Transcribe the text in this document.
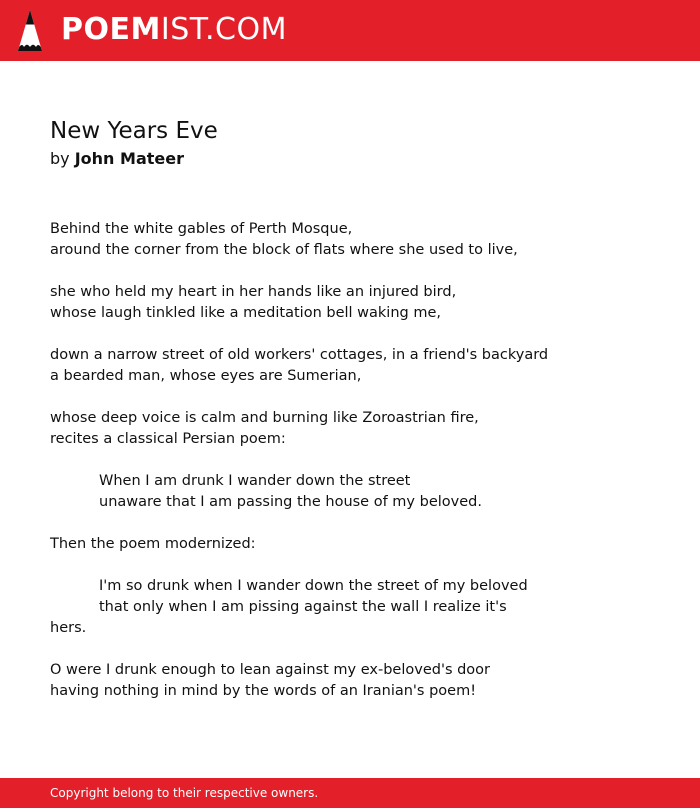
POEMIST.COM
New Years Eve
by John Mateer
Behind the white gables of Perth Mosque,
around the corner from the block of flats where she used to live,
she who held my heart in her hands like an injured bird,
whose laugh tinkled like a meditation bell waking me,
down a narrow street of old workers' cottages, in a friend's backyard
a bearded man, whose eyes are Sumerian,
whose deep voice is calm and burning like Zoroastrian fire,
recites a classical Persian poem:
When I am drunk I wander down the street
unaware that I am passing the house of my beloved.
Then the poem modernized:
I'm so drunk when I wander down the street of my beloved
that only when I am pissing against the wall I realize it's
hers.
O were I drunk enough to lean against my ex-beloved's door
having nothing in mind by the words of an Iranian's poem!
Copyright belong to their respective owners.
